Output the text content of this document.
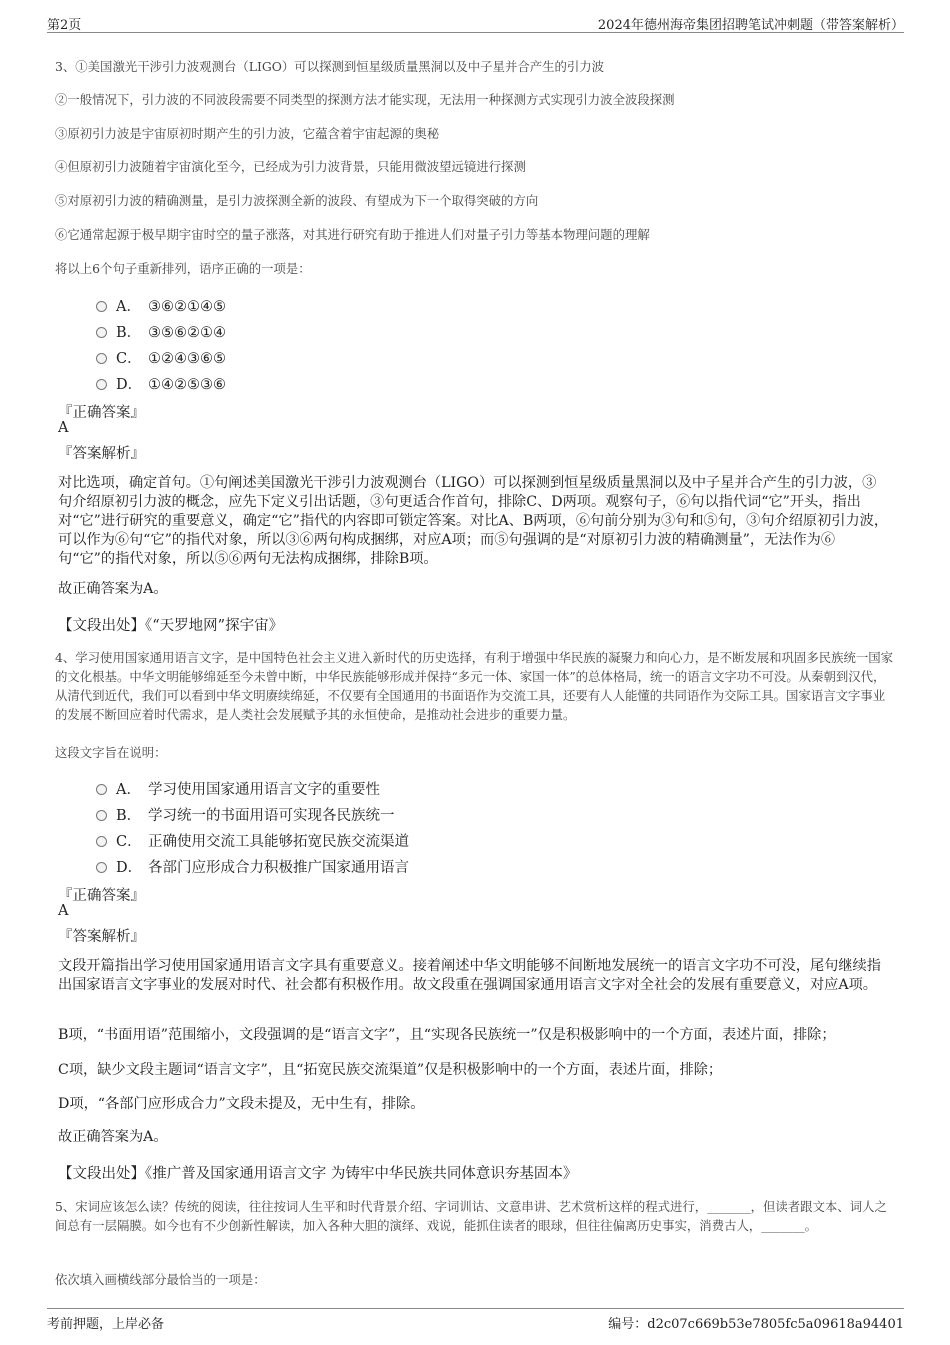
第2页	2024年德州海帝集团招聘笔试冲刺题（带答案解析）
3、①美国激光干涉引力波观测台（LIGO）可以探测到恒星级质量黑洞以及中子星并合产生的引力波
②一般情况下，引力波的不同波段需要不同类型的探测方法才能实现，无法用一种探测方式实现引力波全波段探测
③原初引力波是宇宙原初时期产生的引力波，它蕴含着宇宙起源的奥秘
④但原初引力波随着宇宙演化至今，已经成为引力波背景，只能用微波望远镜进行探测
⑤对原初引力波的精确测量，是引力波探测全新的波段、有望成为下一个取得突破的方向
⑥它通常起源于极早期宇宙时空的量子涨落，对其进行研究有助于推进人们对量子引力等基本物理问题的理解
将以上6个句子重新排列，语序正确的一项是：
A． ③⑥②①④⑤
B． ③⑤⑥②①④
C． ①②④③⑥⑤
D． ①④②⑤③⑥
『正确答案』
A
『答案解析』
对比选项，确定首句。①句阐述美国激光干涉引力波观测台（LIGO）可以探测到恒星级质量黑洞以及中子星并合产生的引力波，③句介绍原初引力波的概念，应先下定义引出话题，③句更适合作首句，排除C、D两项。观察句子，⑥句以指代词“它”开头，指出对“它”进行研究的重要意义，确定“它”指代的内容即可锁定答案。对比A、B两项，⑥句前分别为③句和⑤句，③句介绍原初引力波，可以作为⑥句“它”的指代对象，所以③⑥两句构成捆绑，对应A项；而⑤句强调的是“对原初引力波的精确测量”，无法作为⑥句“它”的指代对象，所以⑤⑥两句无法构成捆绑，排除B项。
故正确答案为A。
【文段出处】《“天罗地网”探宇宙》
4、学习使用国家通用语言文字，是中国特色社会主义进入新时代的历史选择，有利于增强中华民族的凝聚力和向心力，是不断发展和巩固多民族统一国家的文化根基。中华文明能够绵延至今未曾中断，中华民族能够形成并保持“多元一体、家国一体”的总体格局，统一的语言文字功不可没。从秦朝到汉代，从清代到近代，我们可以看到中华文明赓续绵延，不仅要有全国通用的书面语作为交流工具，还要有人人能懂的共同语作为交际工具。国家语言文字事业的发展不断回应着时代需求，是人类社会发展赋予其的永恒使命，是推动社会进步的重要力量。
这段文字旨在说明：
A． 学习使用国家通用语言文字的重要性
B． 学习统一的书面用语可实现各民族统一
C． 正确使用交流工具能够拓宽民族交流渠道
D． 各部门应形成合力积极推广国家通用语言
『正确答案』
A
『答案解析』
文段开篇指出学习使用国家通用语言文字具有重要意义。接着阐述中华文明能够不间断地发展统一的语言文字功不可没，尾句继续指出国家语言文字事业的发展对时代、社会都有积极作用。故文段重在强调国家通用语言文字对全社会的发展有重要意义，对应A项。
B项，“书面用语”范围缩小，文段强调的是“语言文字”，且“实现各民族统一”仅是积极影响中的一个方面，表述片面，排除；
C项，缺少文段主题词“语言文字”，且“拓宽民族交流渠道”仅是积极影响中的一个方面，表述片面，排除；
D项，“各部门应形成合力”文段未提及，无中生有，排除。
故正确答案为A。
【文段出处】《推广普及国家通用语言文字 为铸牢中华民族共同体意识夯基固本》
5、宋词应该怎么读？传统的阅读，往往按词人生平和时代背景介绍、字词训诂、文意串讲、艺术赏析这样的程式进行，_______，但读者跟文本、词人之间总有一层隔膜。如今也有不少创新性解读，加入各种大胆的演绎、戏说，能抓住读者的眼球，但往往偏离历史事实，消费古人，_______。
依次填入画横线部分最恰当的一项是：
考前押题，上岸必备	编号：d2c07c669b53e7805fc5a09618a94401
